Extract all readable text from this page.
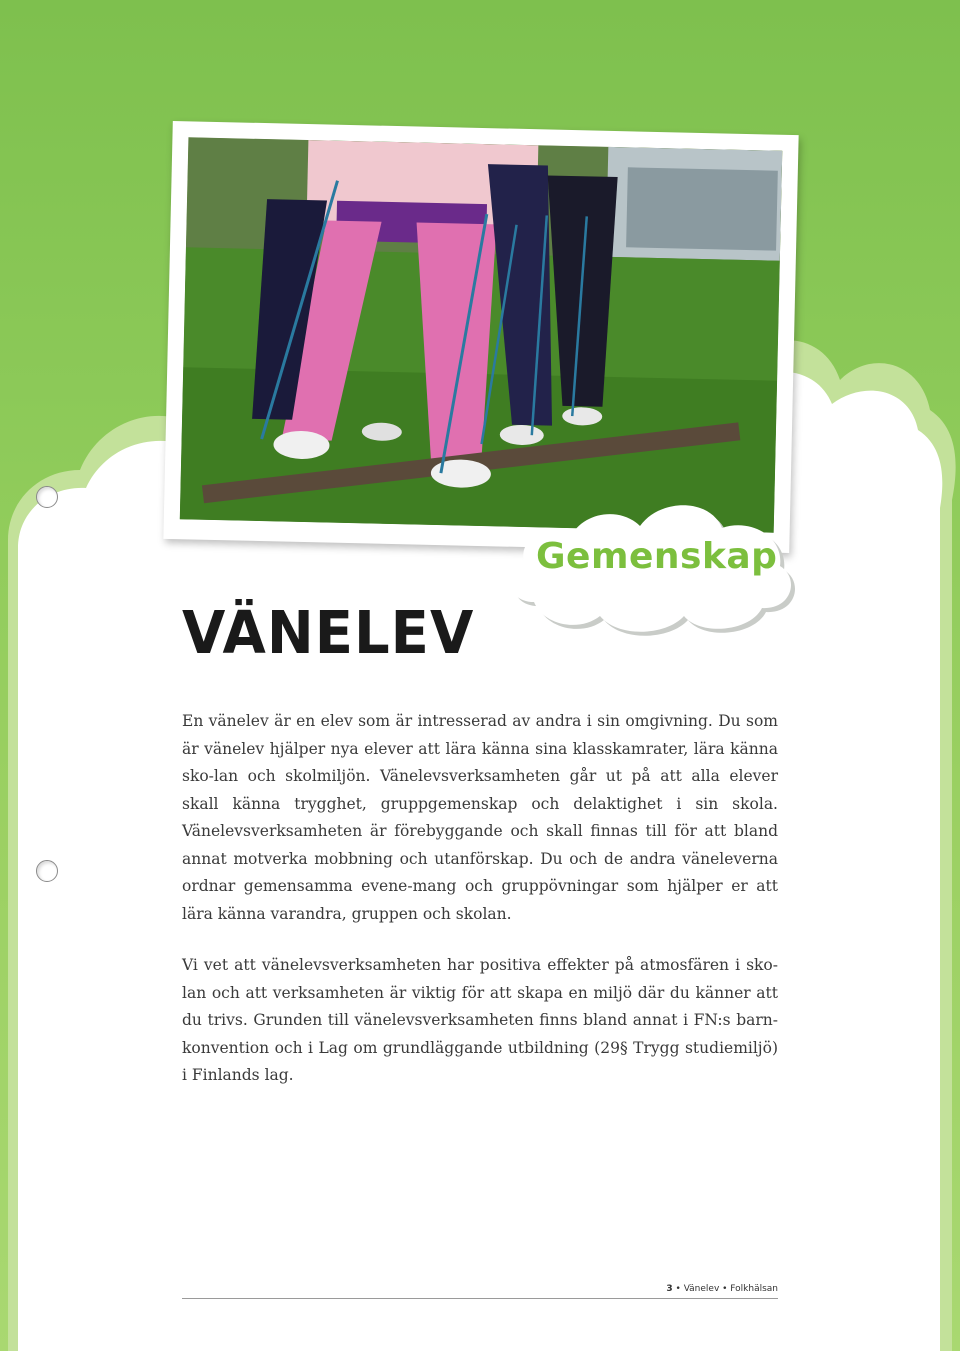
Gemenskap
VÄNELEV

En vänelev är en elev som är intresserad av andra i sin omgivning. Du som är vänelev hjälper nya elever att lära känna sina klasskamrater, lära känna sko-lan och skolmiljön. Vänelevsverksamheten går ut på att alla elever skall känna trygghet, gruppgemenskap och delaktighet i sin skola. Vänelevsverksamheten är förebyggande och skall finnas till för att bland annat motverka mobbning och utanförskap. Du och de andra väneleverna ordnar gemensamma evene-mang och gruppövningar som hjälper er att lära känna varandra, gruppen och skolan.

Vi vet att vänelevsverksamheten har positiva effekter på atmosfären i sko-lan och att verksamheten är viktig för att skapa en miljö där du känner att du trivs. Grunden till vänelevsverksamheten finns bland annat i FN:s barn-konvention och i Lag om grundläggande utbildning (29§ Trygg studiemiljö) i Finlands lag.

3 • Vänelev • Folkhälsan
